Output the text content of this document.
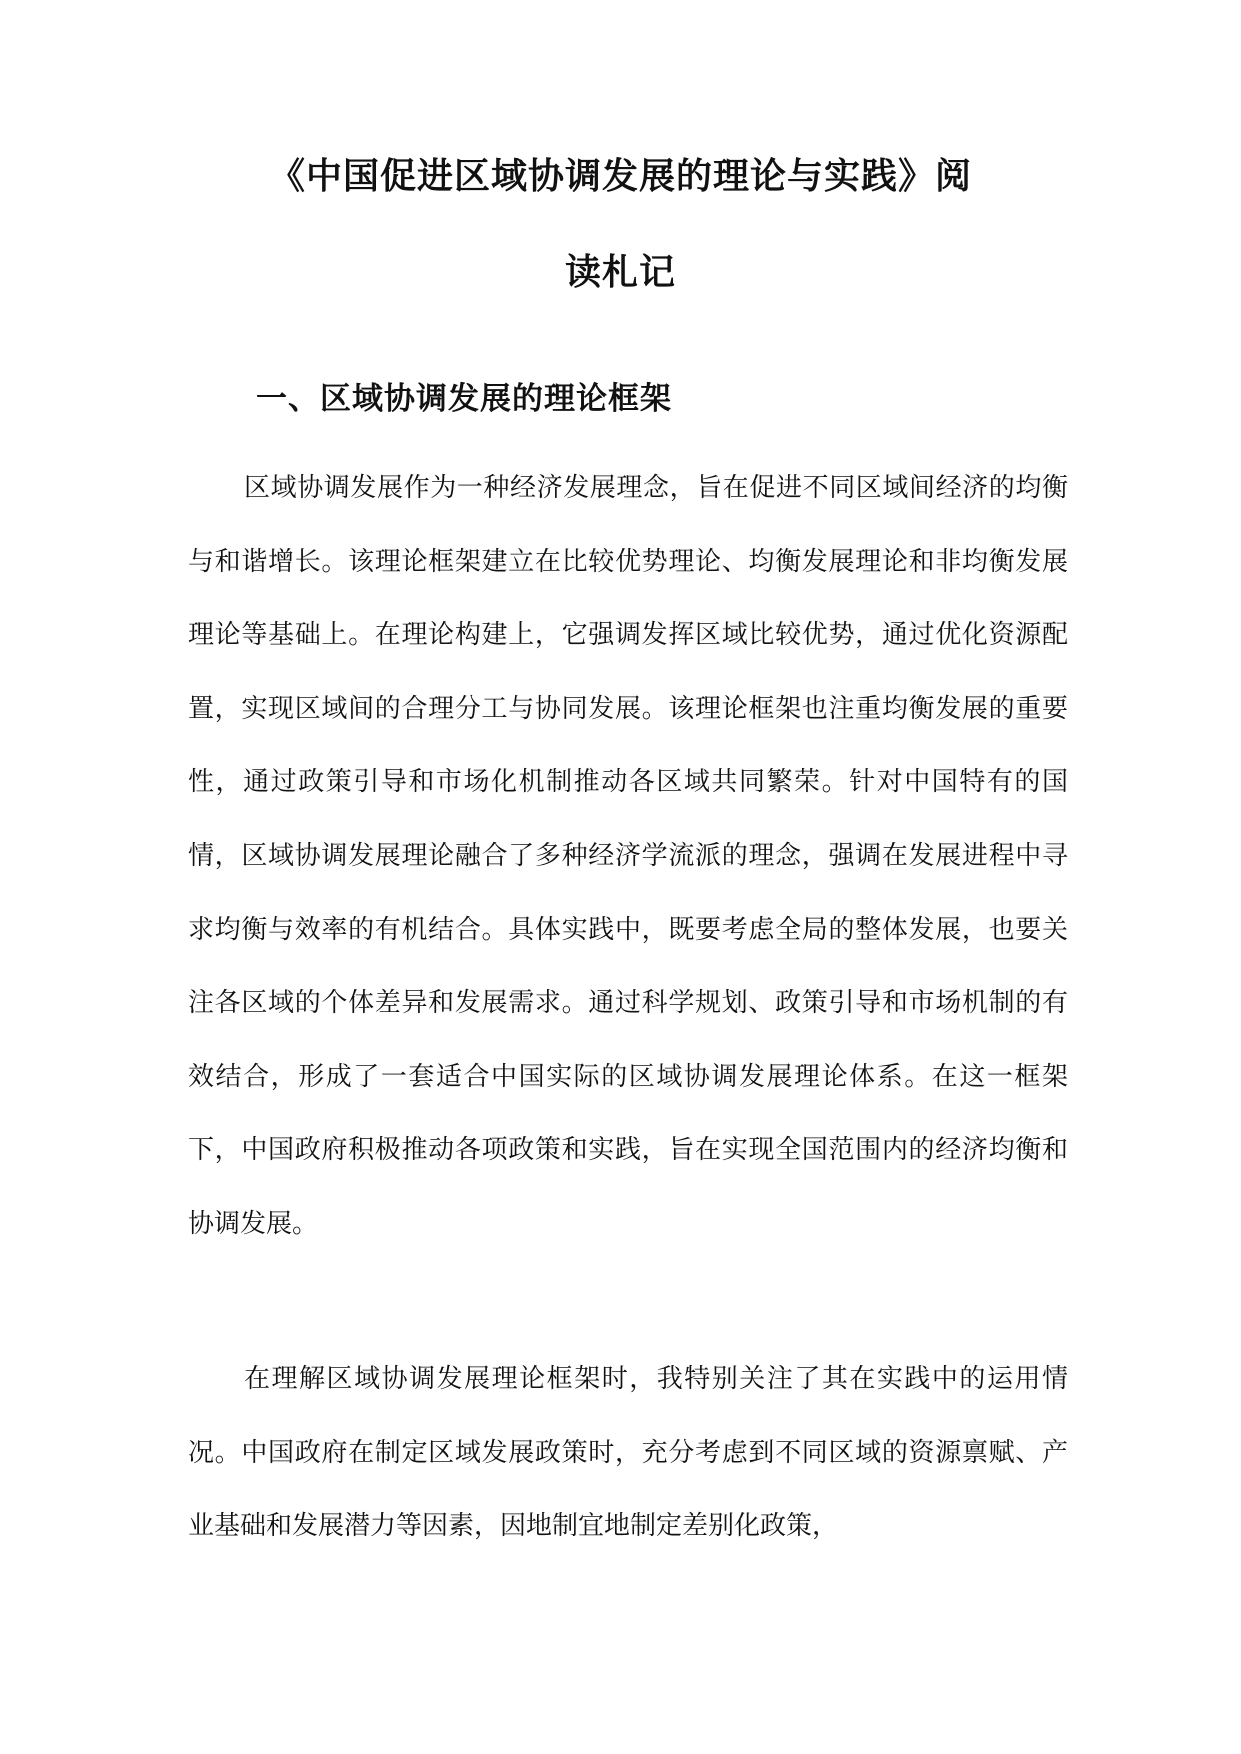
《中国促进区域协调发展的理论与实践》阅
读札记
一、区域协调发展的理论框架

区域协调发展作为一种经济发展理念，旨在促进不同区域间经济的均衡与和谐增长。该理论框架建立在比较优势理论、均衡发展理论和非均衡发展理论等基础上。在理论构建上，它强调发挥区域比较优势，通过优化资源配置，实现区域间的合理分工与协同发展。该理论框架也注重均衡发展的重要性，通过政策引导和市场化机制推动各区域共同繁荣。针对中国特有的国情，区域协调发展理论融合了多种经济学流派的理念，强调在发展进程中寻求均衡与效率的有机结合。具体实践中，既要考虑全局的整体发展，也要关注各区域的个体差异和发展需求。通过科学规划、政策引导和市场机制的有效结合，形成了一套适合中国实际的区域协调发展理论体系。在这一框架下，中国政府积极推动各项政策和实践，旨在实现全国范围内的经济均衡和协调发展。

在理解区域协调发展理论框架时，我特别关注了其在实践中的运用情况。中国政府在制定区域发展政策时，充分考虑到不同区域的资源禀赋、产业基础和发展潜力等因素，因地制宜地制定差别化政策，
